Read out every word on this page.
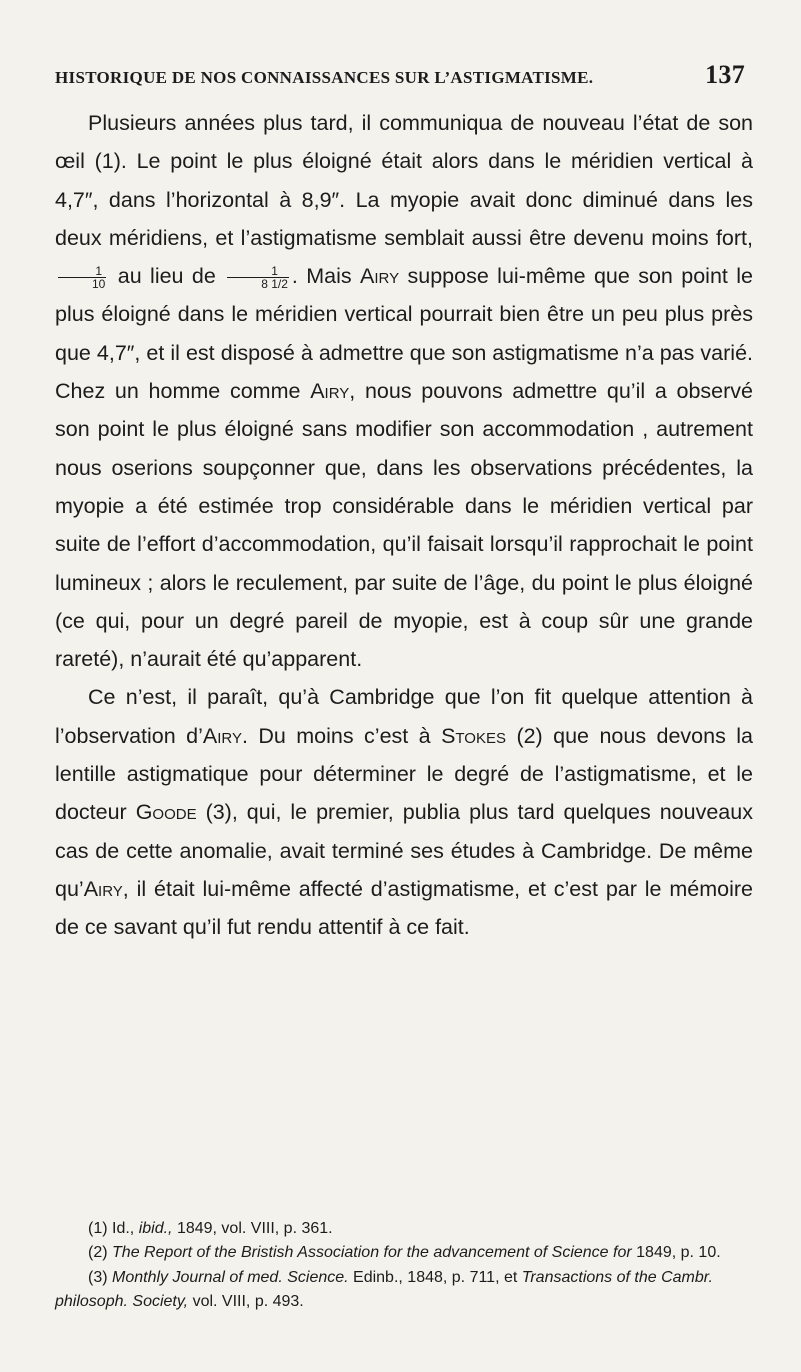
HISTORIQUE DE NOS CONNAISSANCES SUR L’ASTIGMATISME.	137

Plusieurs années plus tard, il communiqua de nouveau l’état de son œil (1). Le point le plus éloigné était alors dans le méridien vertical à 4,7″, dans l’horizontal à 8,9″. La myopie avait donc diminué dans les deux méridiens, et l’astigmatisme semblait aussi être devenu moins fort,
$\frac{1}{10}$ au lieu de $\frac{1}{8 1/2}$ . Mais Airy suppose lui-même que son point le plus éloigné dans le méridien vertical pourrait bien être un peu plus près que 4,7″, et il est disposé à admettre que son astigmatisme n’a pas varié. Chez un homme comme Airy, nous pouvons admettre qu’il a observé son point le plus éloigné sans modifier son accommodation , autrement nous oserions soupçonner que, dans les observations précédentes, la myopie a été estimée trop considérable dans le méridien vertical par suite de l’effort d’accommodation, qu’il faisait lorsqu’il rapprochait le point lumineux ; alors le reculement, par suite de l’âge, du point le plus éloigné (ce qui, pour un degré pareil de myopie, est à coup sûr une grande rareté), n’aurait été qu’apparent.

Ce n’est, il paraît, qu’à Cambridge que l’on fit quelque attention à l’observation d’Airy. Du moins c’est à Stokes (2) que nous devons la lentille astigmatique pour déterminer le degré de l’astigmatisme, et le docteur Goode (3), qui, le premier, publia plus tard quelques nouveaux cas de cette anomalie, avait terminé ses études à Cambridge. De même qu’Airy, il était lui-même affecté d’astigmatisme, et c’est par le mémoire de ce savant qu’il fut rendu attentif à ce fait.

(1) Id., ibid., 1849, vol. VIII, p. 361.

(2) The Report of the Bristish Association for the advancement of Science for 1849, p. 10.

(3) Monthly Journal of med. Science. Edinb., 1848, p. 711, et Transactions of the Cambr. philosoph. Society, vol. VIII, p. 493.
